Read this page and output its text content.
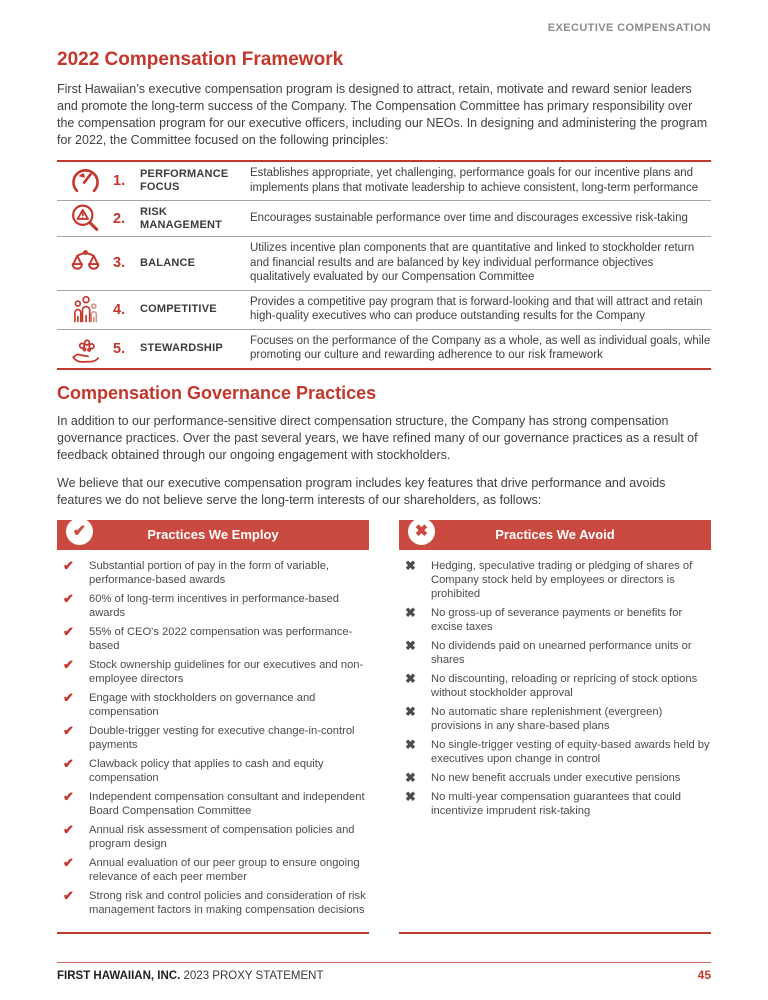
EXECUTIVE COMPENSATION
2022 Compensation Framework

First Hawaiian’s executive compensation program is designed to attract, retain, motivate and reward senior leaders and promote the long-term success of the Company. The Compensation Committee has primary responsibility over the compensation program for our executive officers, including our NEOs. In designing and administering the program for 2022, the Committee focused on the following principles:

1.	PERFORMANCE FOCUS
Establishes appropriate, yet challenging, performance goals for our incentive plans and implements plans that motivate leadership to achieve consistent, long-term performance
2.	RISK MANAGEMENT
Encourages sustainable performance over time and discourages excessive risk-taking
3.	BALANCE
Utilizes incentive plan components that are quantitative and linked to stockholder return and financial results and are balanced by key individual performance objectives qualitatively evaluated by our Compensation Committee
4.	COMPETITIVE
Provides a competitive pay program that is forward-looking and that will attract and retain high-quality executives who can produce outstanding results for the Company
5.	STEWARDSHIP
Focuses on the performance of the Company as a whole, as well as individual goals, while promoting our culture and rewarding adherence to our risk framework
Compensation Governance Practices

In addition to our performance-sensitive direct compensation structure, the Company has strong compensation governance practices. Over the past several years, we have refined many of our governance practices as a result of feedback obtained through our ongoing engagement with stockholders.

We believe that our executive compensation program includes key features that drive performance and avoids features we do not believe serve the long-term interests of our shareholders, as follows:

✔	Practices We Employ
✔	Substantial portion of pay in the form of variable, performance-based awards
✔	60% of long-term incentives in performance-based awards
✔	55% of CEO's 2022 compensation was performance-based
✔	Stock ownership guidelines for our executives and non-employee directors
✔	Engage with stockholders on governance and compensation
✔	Double-trigger vesting for executive change-in-control payments
✔	Clawback policy that applies to cash and equity compensation
✔	Independent compensation consultant and independent Board Compensation Committee
✔	Annual risk assessment of compensation policies and program design
✔	Annual evaluation of our peer group to ensure ongoing relevance of each peer member
✔	Strong risk and control policies and consideration of risk management factors in making compensation decisions
✖	Practices We Avoid
✖	Hedging, speculative trading or pledging of shares of Company stock held by employees or directors is prohibited
✖	No gross-up of severance payments or benefits for excise taxes
✖	No dividends paid on unearned performance units or shares
✖	No discounting, reloading or repricing of stock options without stockholder approval
✖	No automatic share replenishment (evergreen) provisions in any share-based plans
✖	No single-trigger vesting of equity-based awards held by executives upon change in control
✖	No new benefit accruals under executive pensions
✖	No multi-year compensation guarantees that could incentivize imprudent risk-taking
FIRST HAWAIIAN, INC. 2023 PROXY STATEMENT	45
